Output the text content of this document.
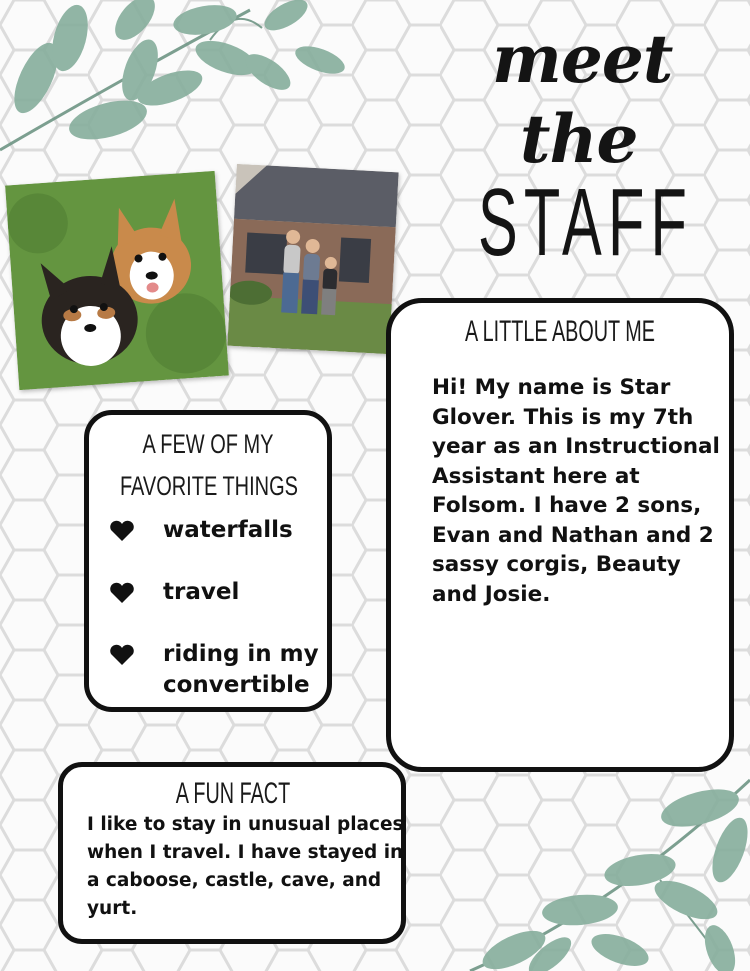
meet
the
STAFF
A FEW OF MY
FAVORITE THINGS
waterfalls
travel
riding in my convertible
A LITTLE ABOUT ME

Hi! My name is Star Glover. This is my 7th year as an Instructional Assistant here at Folsom. I have 2 sons, Evan and Nathan and 2 sassy corgis, Beauty and Josie.

A FUN FACT

I like to stay in unusual places when I travel. I have stayed in a caboose, castle, cave, and yurt.
